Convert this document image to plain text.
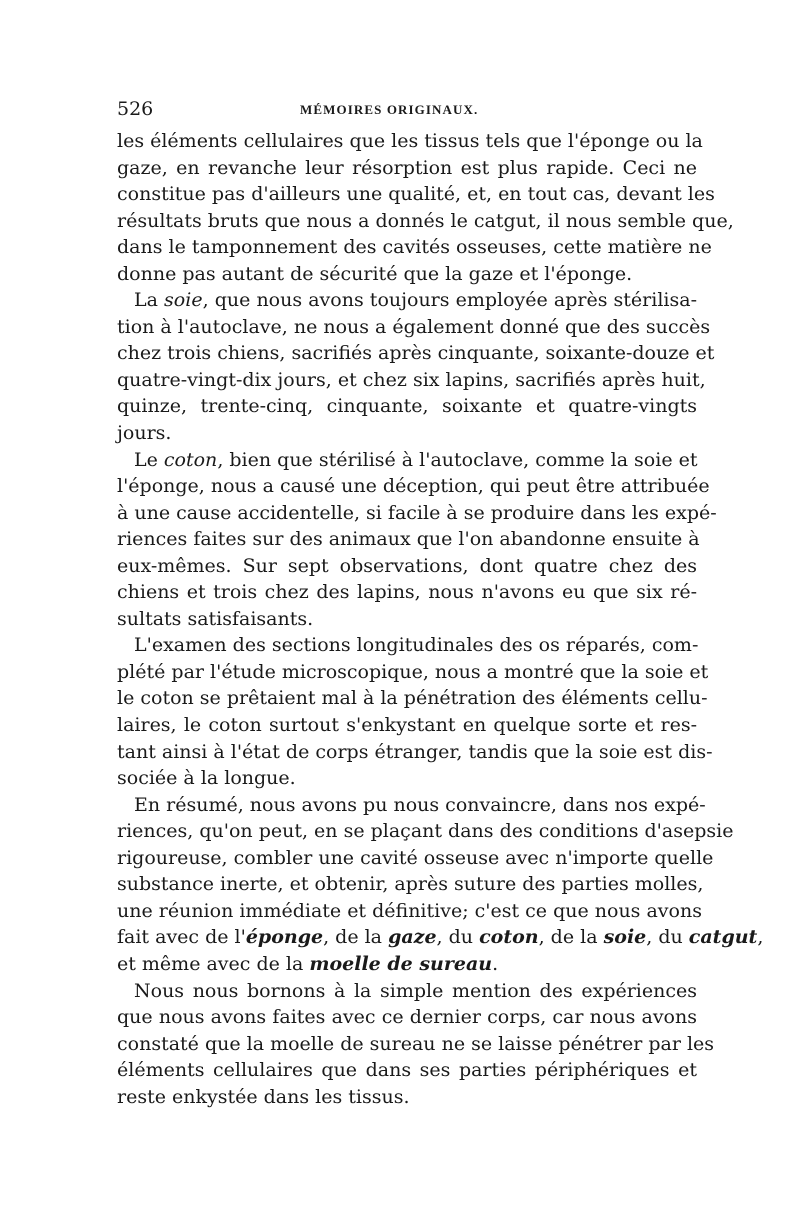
526	MÉMOIRES ORIGINAUX.
les éléments cellulaires que les tissus tels que l'éponge ou la
gaze, en revanche leur résorption est plus rapide. Ceci ne
constitue pas d'ailleurs une qualité, et, en tout cas, devant les
résultats bruts que nous a donnés le catgut, il nous semble que,
dans le tamponnement des cavités osseuses, cette matière ne
donne pas autant de sécurité que la gaze et l'éponge.
La soie, que nous avons toujours employée après stérilisa-
tion à l'autoclave, ne nous a également donné que des succès
chez trois chiens, sacrifiés après cinquante, soixante-douze et
quatre-vingt-dix jours, et chez six lapins, sacrifiés après huit,
quinze, trente-cinq, cinquante, soixante et quatre-vingts
jours.
Le coton, bien que stérilisé à l'autoclave, comme la soie et
l'éponge, nous a causé une déception, qui peut être attribuée
à une cause accidentelle, si facile à se produire dans les expé-
riences faites sur des animaux que l'on abandonne ensuite à
eux-mêmes. Sur sept observations, dont quatre chez des
chiens et trois chez des lapins, nous n'avons eu que six ré-
sultats satisfaisants.
L'examen des sections longitudinales des os réparés, com-
plété par l'étude microscopique, nous a montré que la soie et
le coton se prêtaient mal à la pénétration des éléments cellu-
laires, le coton surtout s'enkystant en quelque sorte et res-
tant ainsi à l'état de corps étranger, tandis que la soie est dis-
sociée à la longue.
En résumé, nous avons pu nous convaincre, dans nos expé-
riences, qu'on peut, en se plaçant dans des conditions d'asepsie
rigoureuse, combler une cavité osseuse avec n'importe quelle
substance inerte, et obtenir, après suture des parties molles,
une réunion immédiate et définitive; c'est ce que nous avons
fait avec de l'éponge, de la gaze, du coton, de la soie, du catgut,
et même avec de la moelle de sureau.
Nous nous bornons à la simple mention des expériences
que nous avons faites avec ce dernier corps, car nous avons
constaté que la moelle de sureau ne se laisse pénétrer par les
éléments cellulaires que dans ses parties périphériques et
reste enkystée dans les tissus.
